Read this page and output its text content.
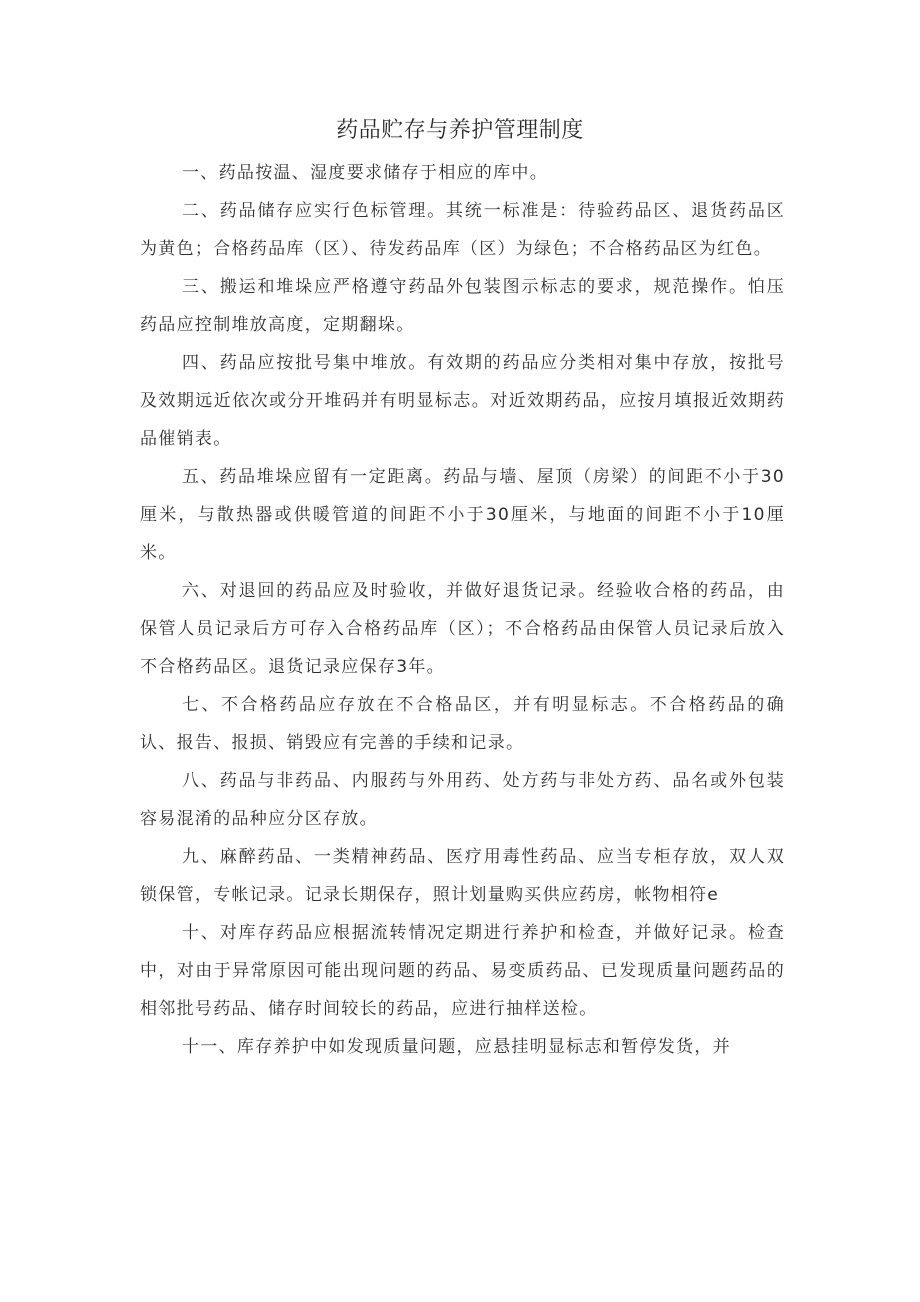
药品贮存与养护管理制度

一、药品按温、湿度要求储存于相应的库中。

二、药品储存应实行色标管理。其统一标准是：待验药品区、退货药品区为黄色；合格药品库（区）、待发药品库（区）为绿色；不合格药品区为红色。

三、搬运和堆垛应严格遵守药品外包装图示标志的要求，规范操作。怕压药品应控制堆放高度，定期翻垛。

四、药品应按批号集中堆放。有效期的药品应分类相对集中存放，按批号及效期远近依次或分开堆码并有明显标志。对近效期药品，应按月填报近效期药品催销表。

五、药品堆垛应留有一定距离。药品与墙、屋顶（房梁）的间距不小于30厘米，与散热器或供暖管道的间距不小于30厘米，与地面的间距不小于10厘米。

六、对退回的药品应及时验收，并做好退货记录。经验收合格的药品，由保管人员记录后方可存入合格药品库（区）；不合格药品由保管人员记录后放入不合格药品区。退货记录应保存3年。

七、不合格药品应存放在不合格品区，并有明显标志。不合格药品的确认、报告、报损、销毁应有完善的手续和记录。

八、药品与非药品、内服药与外用药、处方药与非处方药、品名或外包装容易混淆的品种应分区存放。

九、麻醉药品、一类精神药品、医疗用毒性药品、应当专柜存放，双人双锁保管，专帐记录。记录长期保存，照计划量购买供应药房，帐物相符e

十、对库存药品应根据流转情况定期进行养护和检查，并做好记录。检查中，对由于异常原因可能出现问题的药品、易变质药品、已发现质量问题药品的相邻批号药品、储存时间较长的药品，应进行抽样送检。

十一、库存养护中如发现质量问题，应悬挂明显标志和暂停发货，并
